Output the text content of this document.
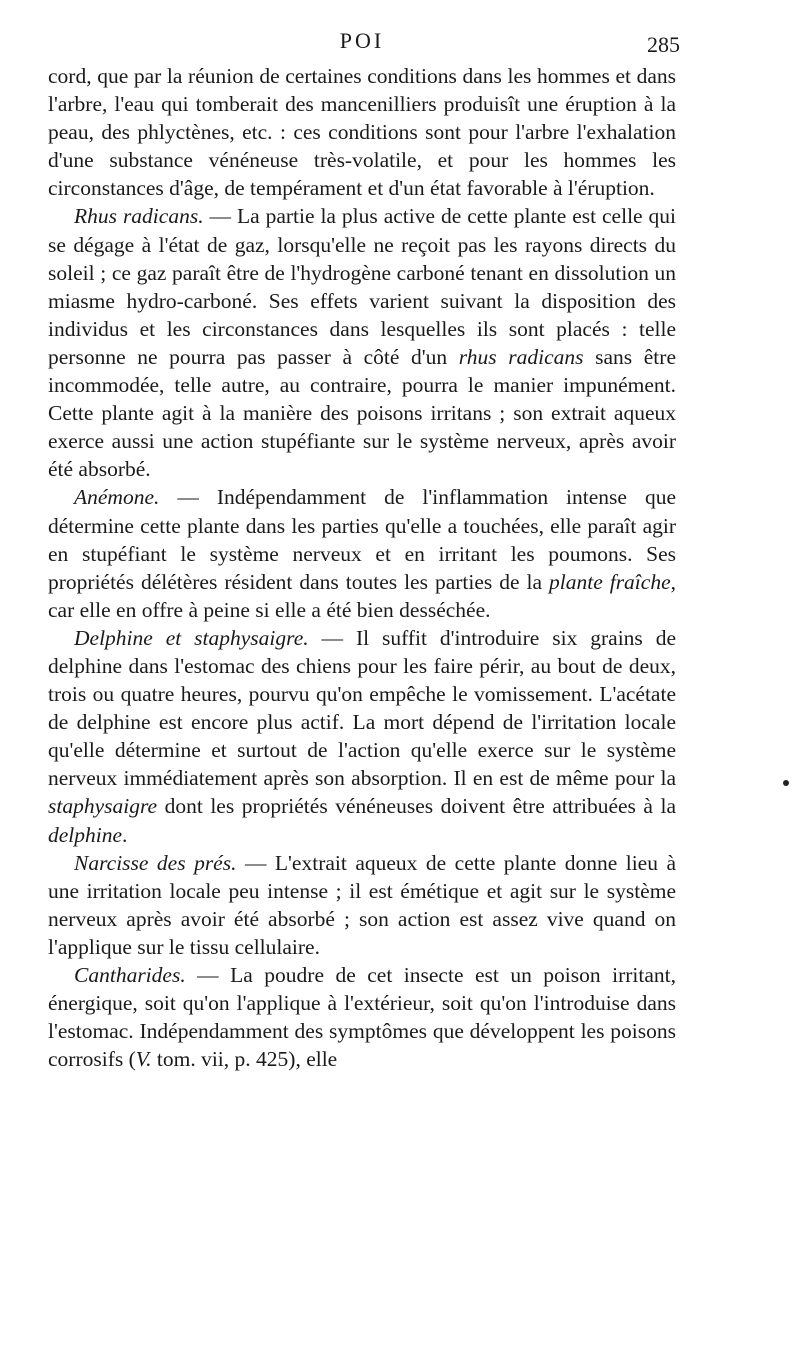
POI	285

cord, que par la réunion de certaines conditions dans les hommes et dans l'arbre, l'eau qui tomberait des mancenilliers produisît une éruption à la peau, des phlyctènes, etc. : ces conditions sont pour l'arbre l'exhalation d'une substance vénéneuse très-volatile, et pour les hommes les circonstances d'âge, de tempérament et d'un état favorable à l'éruption.

Rhus radicans. — La partie la plus active de cette plante est celle qui se dégage à l'état de gaz, lorsqu'elle ne reçoit pas les rayons directs du soleil ; ce gaz paraît être de l'hydrogène carboné tenant en dissolution un miasme hydro-carboné. Ses effets varient suivant la disposition des individus et les circonstances dans lesquelles ils sont placés : telle personne ne pourra pas passer à côté d'un rhus radicans sans être incommodée, telle autre, au contraire, pourra le manier impunément. Cette plante agit à la manière des poisons irritans ; son extrait aqueux exerce aussi une action stupéfiante sur le système nerveux, après avoir été absorbé.

Anémone. — Indépendamment de l'inflammation intense que détermine cette plante dans les parties qu'elle a touchées, elle paraît agir en stupéfiant le système nerveux et en irritant les poumons. Ses propriétés délétères résident dans toutes les parties de la plante fraîche, car elle en offre à peine si elle a été bien desséchée.

Delphine et staphysaigre. — Il suffit d'introduire six grains de delphine dans l'estomac des chiens pour les faire périr, au bout de deux, trois ou quatre heures, pourvu qu'on empêche le vomissement. L'acétate de delphine est encore plus actif. La mort dépend de l'irritation locale qu'elle détermine et surtout de l'action qu'elle exerce sur le système nerveux immédiatement après son absorption. Il en est de même pour la staphysaigre dont les propriétés vénéneuses doivent être attribuées à la delphine.

Narcisse des prés. — L'extrait aqueux de cette plante donne lieu à une irritation locale peu intense ; il est émétique et agit sur le système nerveux après avoir été absorbé ; son action est assez vive quand on l'applique sur le tissu cellulaire.

Cantharides. — La poudre de cet insecte est un poison irritant, énergique, soit qu'on l'applique à l'extérieur, soit qu'on l'introduise dans l'estomac. Indépendamment des symptômes que développent les poisons corrosifs (V. tom. vii, p. 425), elle
